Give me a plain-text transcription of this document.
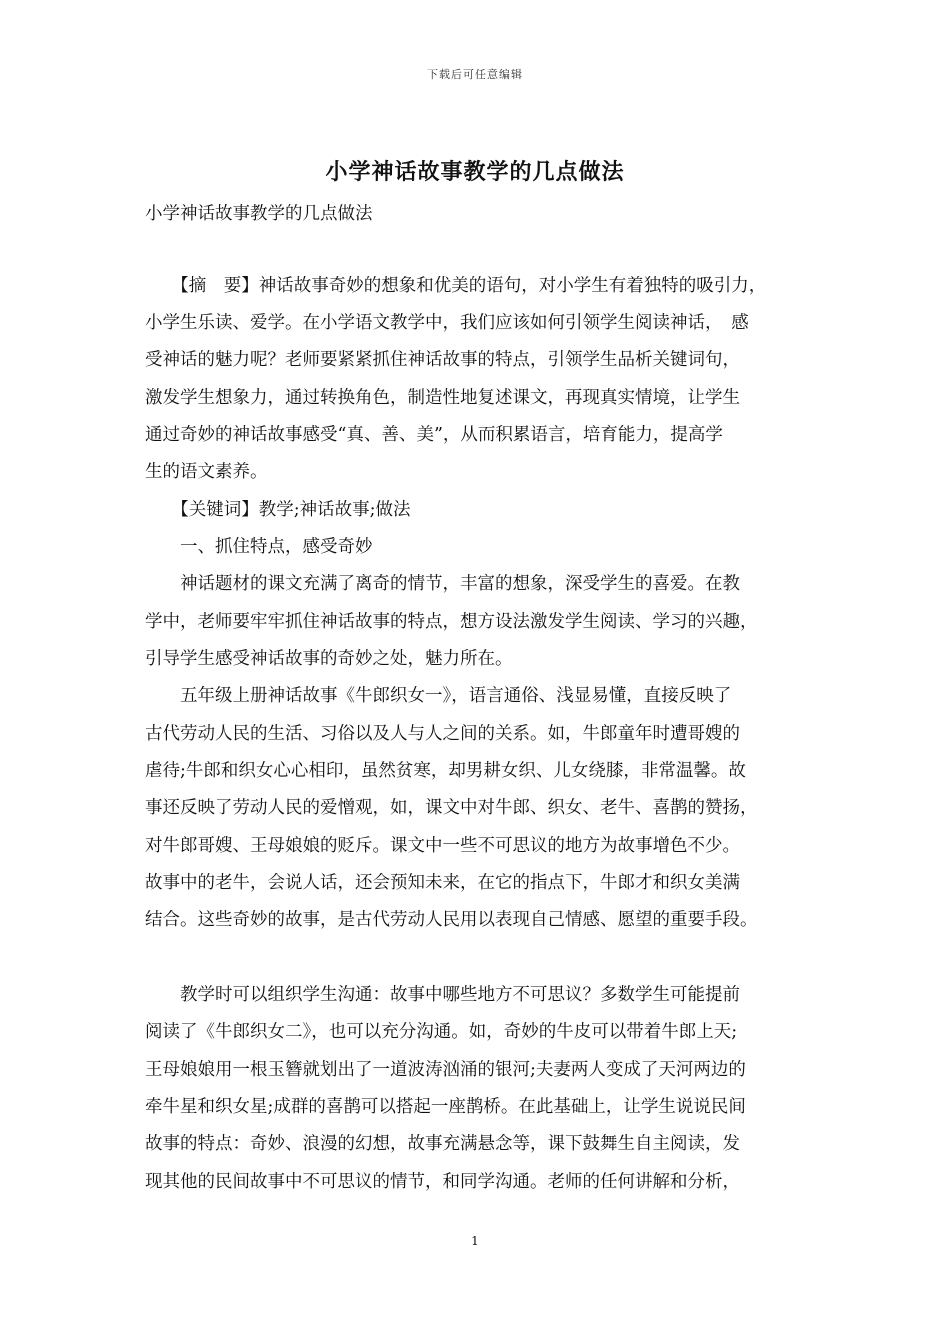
下载后可任意编辑
小学神话故事教学的几点做法
小学神话故事教学的几点做法
　　【摘　要】神话故事奇妙的想象和优美的语句，对小学生有着独特的吸引力，
小学生乐读、爱学。在小学语文教学中，我们应该如何引领学生阅读神话，　感
受神话的魅力呢？老师要紧紧抓住神话故事的特点，引领学生品析关键词句，
激发学生想象力，通过转换角色，制造性地复述课文，再现真实情境，让学生
通过奇妙的神话故事感受“真、善、美”，从而积累语言，培育能力，提高学
生的语文素养。
　　【关键词】教学;神话故事;做法
　　一、抓住特点，感受奇妙
　　神话题材的课文充满了离奇的情节，丰富的想象，深受学生的喜爱。在教
学中，老师要牢牢抓住神话故事的特点，想方设法激发学生阅读、学习的兴趣，
引导学生感受神话故事的奇妙之处，魅力所在。
　　五年级上册神话故事《牛郎织女一》，语言通俗、浅显易懂，直接反映了
古代劳动人民的生活、习俗以及人与人之间的关系。如，牛郎童年时遭哥嫂的
虐待;牛郎和织女心心相印，虽然贫寒，却男耕女织、儿女绕膝，非常温馨。故
事还反映了劳动人民的爱憎观，如，课文中对牛郎、织女、老牛、喜鹊的赞扬，
对牛郎哥嫂、王母娘娘的贬斥。课文中一些不可思议的地方为故事增色不少。
故事中的老牛，会说人话，还会预知未来，在它的指点下，牛郎才和织女美满
结合。这些奇妙的故事，是古代劳动人民用以表现自己情感、愿望的重要手段。
　　教学时可以组织学生沟通：故事中哪些地方不可思议？多数学生可能提前
阅读了《牛郎织女二》，也可以充分沟通。如，奇妙的牛皮可以带着牛郎上天;
王母娘娘用一根玉簪就划出了一道波涛汹涌的银河;夫妻两人变成了天河两边的
牵牛星和织女星;成群的喜鹊可以搭起一座鹊桥。在此基础上，让学生说说民间
故事的特点：奇妙、浪漫的幻想，故事充满悬念等，课下鼓舞生自主阅读，发
现其他的民间故事中不可思议的情节，和同学沟通。老师的任何讲解和分析，
1
